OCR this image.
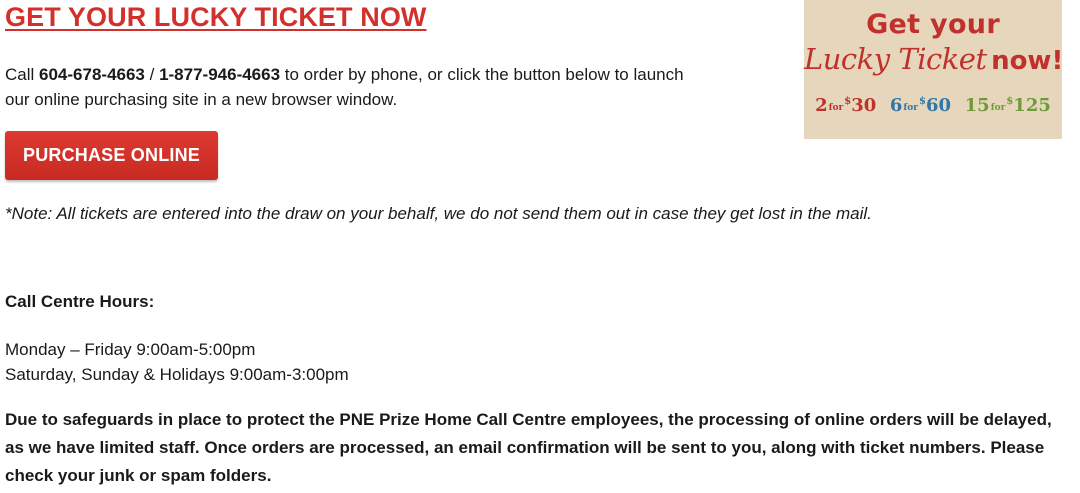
GET YOUR LUCKY TICKET NOW

Call 604-678-4663 / 1-877-946-4663 to order by phone, or click the button below to launch our online purchasing site in a new browser window.

PURCHASE ONLINE

*Note: All tickets are entered into the draw on your behalf, we do not send them out in case they get lost in the mail.

Call Centre Hours:

Monday – Friday 9:00am-5:00pm
Saturday, Sunday & Holidays 9:00am-3:00pm

Due to safeguards in place to protect the PNE Prize Home Call Centre employees, the processing of online orders will be delayed, as we have limited staff. Once orders are processed, an email confirmation will be sent to you, along with ticket numbers. Please check your junk or spam folders.

Get your
Lucky Ticket now!
2for$30 6for$60 15for$125
